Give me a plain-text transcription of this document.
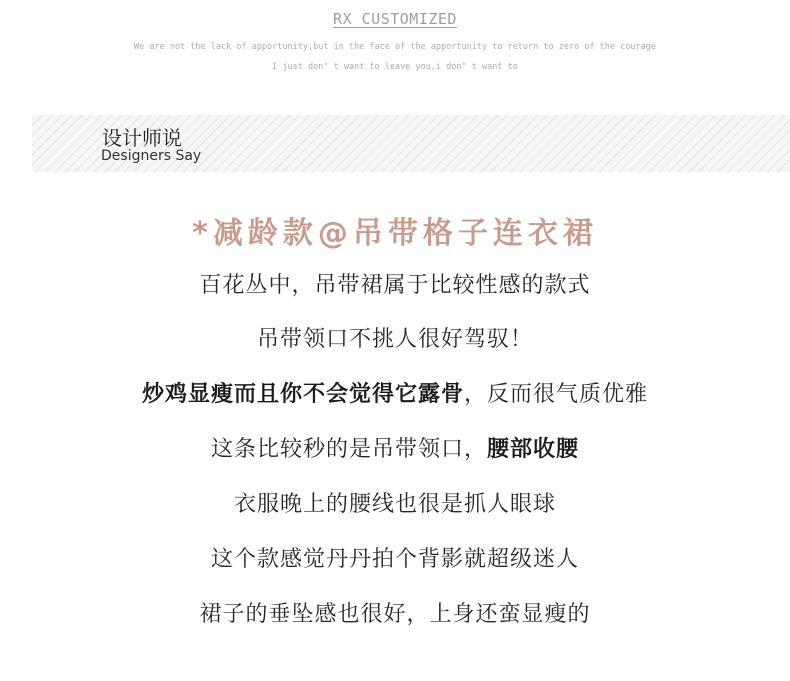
RX CUSTOMIZED
We are not the lack of apportunity,but in the face of the apportunity to return to zero of the courage
I just don" t want to leave you,i don" t want to
设计师说
Designers Say
*减龄款@吊带格子连衣裙
百花丛中，吊带裙属于比较性感的款式
吊带领口不挑人很好驾驭！
炒鸡显瘦而且你不会觉得它露骨，反而很气质优雅
这条比较秒的是吊带领口，腰部收腰
衣服晚上的腰线也很是抓人眼球
这个款感觉丹丹拍个背影就超级迷人
裙子的垂坠感也很好，上身还蛮显瘦的
